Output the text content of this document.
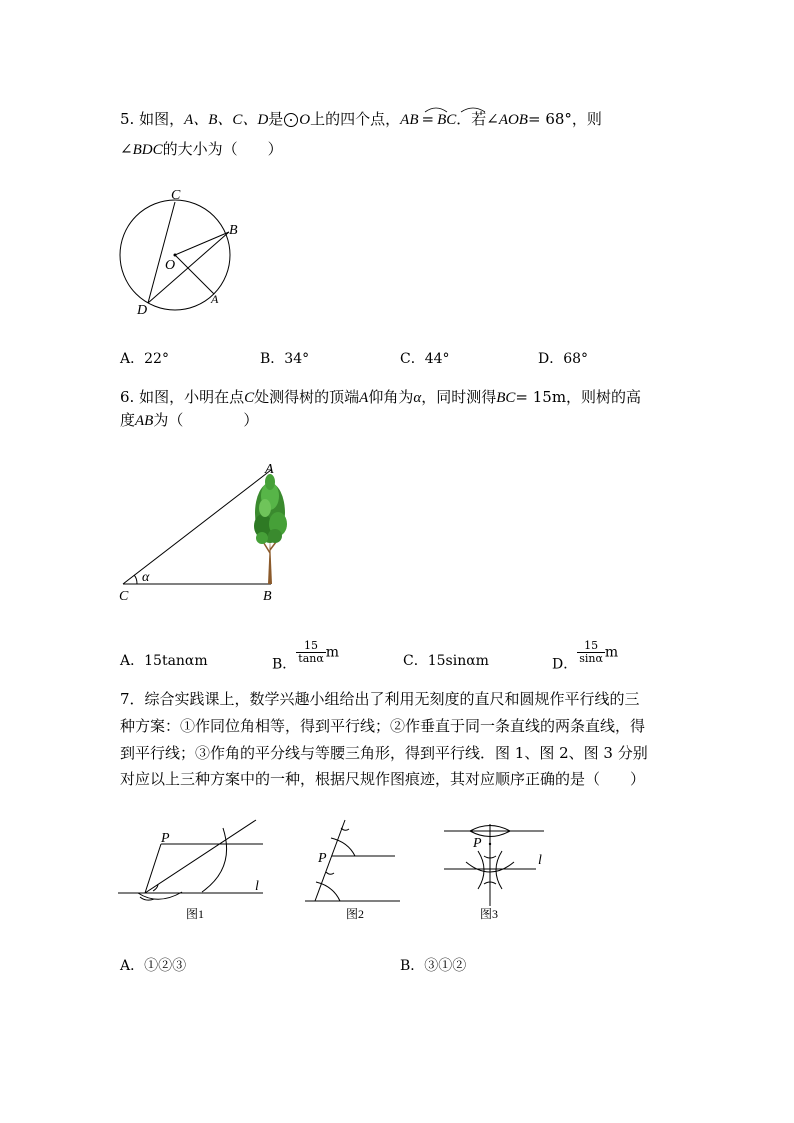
5. 如图，A、B、C、D是 O上的四个点，AB = BC．若∠AOB= 68°，则
∠BDC的大小为（　　）
C
B
O
D
A
A．22°	B．34°	C．44°	D．68°
6. 如图，小明在点C处测得树的顶端A仰角为α，同时测得BC= 15m，则树的高
度AB为（　　　　）
A
C	B
α
A．15tanαm	B． $\frac{15}{\tan\alpha}$ m
C．15sinαm	D． $\frac{15}{\sin\alpha}$ m
7．综合实践课上，数学兴趣小组给出了利用无刻度的直尺和圆规作平行线的三
种方案：①作同位角相等，得到平行线；②作垂直于同一条直线的两条直线，得
到平行线；③作角的平分线与等腰三角形，得到平行线．图 1、图 2、图 3 分别
对应以上三种方案中的一种，根据尺规作图痕迹，其对应顺序正确的是（　　）
P
l
图1
P
图2
P
l
图3
A．①②③	B．③①②
